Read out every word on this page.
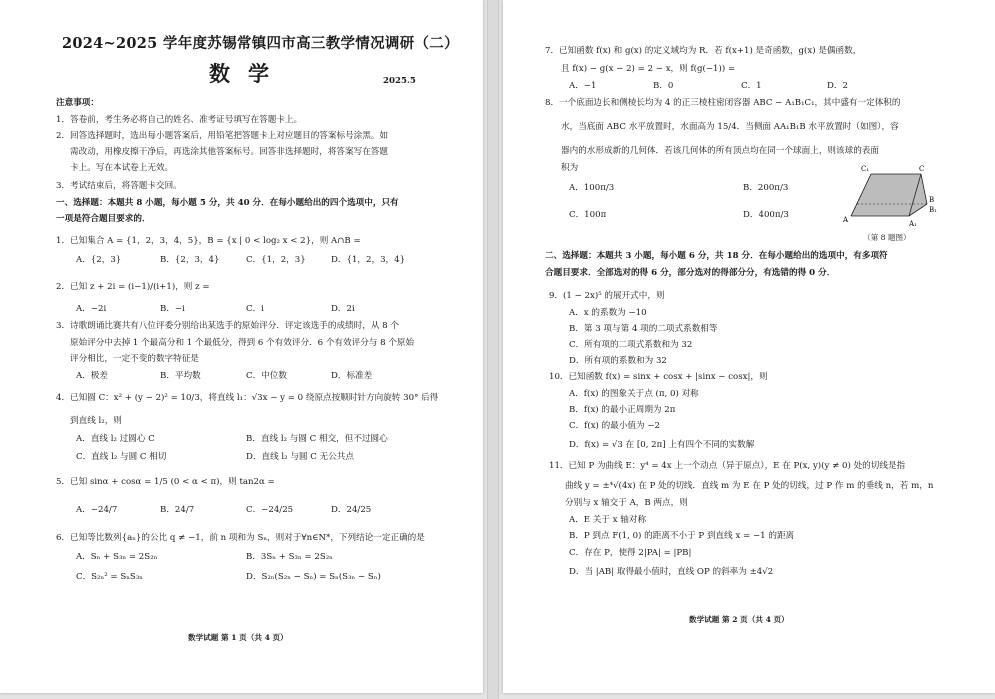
2024~2025 学年度苏锡常镇四市高三教学情况调研（二）
数学	2025.5
注意事项：
1．答卷前，考生务必将自己的姓名、准考证号填写在答题卡上。
2．回答选择题时，选出每小题答案后，用铅笔把答题卡上对应题目的答案标号涂黑。如
需改动，用橡皮擦干净后，再选涂其他答案标号。回答非选择题时，将答案写在答题
卡上。写在本试卷上无效。
3．考试结束后，将答题卡交回。
一、选择题：本题共 8 小题，每小题 5 分，共 40 分．在每小题给出的四个选项中，只有
一项是符合题目要求的．
1．已知集合 A = {1，2，3，4，5}，B = {x | 0 < log₂ x < 2}，则 A∩B =
A．{2，3}	B．{2，3，4}	C．{1，2，3}	D．{1，2，3，4}
2．已知 z + 2i = (i−1)/(i+1)，则 z =
A．−2i	B．−i	C．i	D．2i
3．诗歌朗诵比赛共有八位评委分别给出某选手的原始评分．评定该选手的成绩时，从 8 个
原始评分中去掉 1 个最高分和 1 个最低分，得到 6 个有效评分．6 个有效评分与 8 个原始
评分相比，一定不变的数字特征是
A．极差	B．平均数	C．中位数	D．标准差
4．已知圆 C：x² + (y − 2)² = 10/3，将直线 l₁：√3x − y = 0 绕原点按顺时针方向旋转 30° 后得
到直线 l₂，则
A．直线 l₂ 过圆心 C	B．直线 l₂ 与圆 C 相交，但不过圆心
C．直线 l₂ 与圆 C 相切	D．直线 l₂ 与圆 C 无公共点
5．已知 sinα + cosα = 1/5 (0 < α < π)，则 tan2α =
A．−24/7	B．24/7	C．−24/25	D．24/25
6．已知等比数列{aₙ}的公比 q ≠ −1，前 n 项和为 Sₙ，则对于∀n∈N*，下列结论一定正确的是
A．Sₙ + S₃ₙ = 2S₂ₙ	B．3Sₙ + S₃ₙ = 2S₂ₙ
C．S₂ₙ² = SₙS₃ₙ	D．S₂ₙ(S₂ₙ − Sₙ) = Sₙ(S₃ₙ − Sₙ)
数学试题 第 1 页（共 4 页）
7．已知函数 f(x) 和 g(x) 的定义域均为 R．若 f(x+1) 是奇函数，g(x) 是偶函数，
且 f(x) − g(x − 2) = 2 − x，则 f(g(−1)) =
A．−1	B．0	C．1	D．2
8．一个底面边长和侧棱长均为 4 的正三棱柱密闭容器 ABC − A₁B₁C₁，其中盛有一定体积的
水，当底面 ABC 水平放置时，水面高为 15/4．当侧面 AA₁B₁B 水平放置时（如图），容
器内的水形成新的几何体．若该几何体的所有顶点均在同一个球面上，则该球的表面
积为
A．100π/3	B．200π/3
C．100π	D．400π/3
C₁	C
B
B₁
A	A₁
（第 8 题图）
二、选择题：本题共 3 小题，每小题 6 分，共 18 分．在每小题给出的选项中，有多项符
合题目要求．全部选对的得 6 分，部分选对的得部分分，有选错的得 0 分．
9．(1 − 2x)⁵ 的展开式中，则
A．x 的系数为 −10
B．第 3 项与第 4 项的二项式系数相等
C．所有项的二项式系数和为 32
D．所有项的系数和为 32
10．已知函数 f(x) = sinx + cosx + |sinx − cosx|，则
A．f(x) 的图象关于点 (π, 0) 对称
B．f(x) 的最小正周期为 2π
C．f(x) 的最小值为 −2
D．f(x) = √3 在 [0, 2π] 上有四个不同的实数解
11．已知 P 为曲线 E：y⁴ = 4x 上一个动点（异于原点），E 在 P(x, y)(y ≠ 0) 处的切线是指
曲线 y = ±⁴√(4x) 在 P 处的切线．直线 m 为 E 在 P 处的切线，过 P 作 m 的垂线 n，若 m，n
分别与 x 轴交于 A，B 两点，则
A．E 关于 x 轴对称
B．P 到点 F(1, 0) 的距离不小于 P 到直线 x = −1 的距离
C．存在 P，使得 2|PA| = |PB|
D．当 |AB| 取得最小值时，直线 OP 的斜率为 ±4√2
数学试题 第 2 页（共 4 页）
